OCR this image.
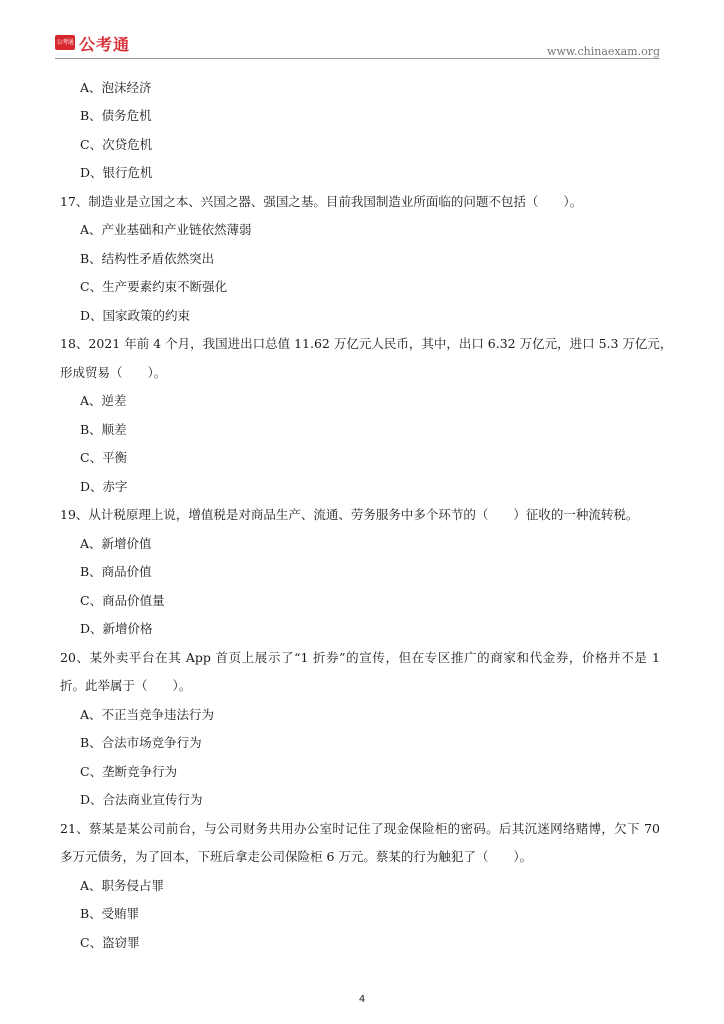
公考通 公考通	www.chinaexam.org
A、泡沫经济
B、债务危机
C、次贷危机
D、银行危机
17、制造业是立国之本、兴国之器、强国之基。目前我国制造业所面临的问题不包括（　　）。
A、产业基础和产业链依然薄弱
B、结构性矛盾依然突出
C、生产要素约束不断强化
D、国家政策的约束
18、2021 年前 4 个月，我国进出口总值 11.62 万亿元人民币，其中，出口 6.32 万亿元，进口 5.3 万亿元，
形成贸易（　　）。
A、逆差
B、顺差
C、平衡
D、赤字
19、从计税原理上说，增值税是对商品生产、流通、劳务服务中多个环节的（　　）征收的一种流转税。
A、新增价值
B、商品价值
C、商品价值量
D、新增价格
20、某外卖平台在其 App 首页上展示了“1 折券”的宣传，但在专区推广的商家和代金券，价格并不是 1
折。此举属于（　　）。
A、不正当竞争违法行为
B、合法市场竞争行为
C、垄断竞争行为
D、合法商业宣传行为
21、蔡某是某公司前台，与公司财务共用办公室时记住了现金保险柜的密码。后其沉迷网络赌博，欠下 70
多万元债务，为了回本，下班后拿走公司保险柜 6 万元。蔡某的行为触犯了（　　）。
A、职务侵占罪
B、受贿罪
C、盗窃罪
4
